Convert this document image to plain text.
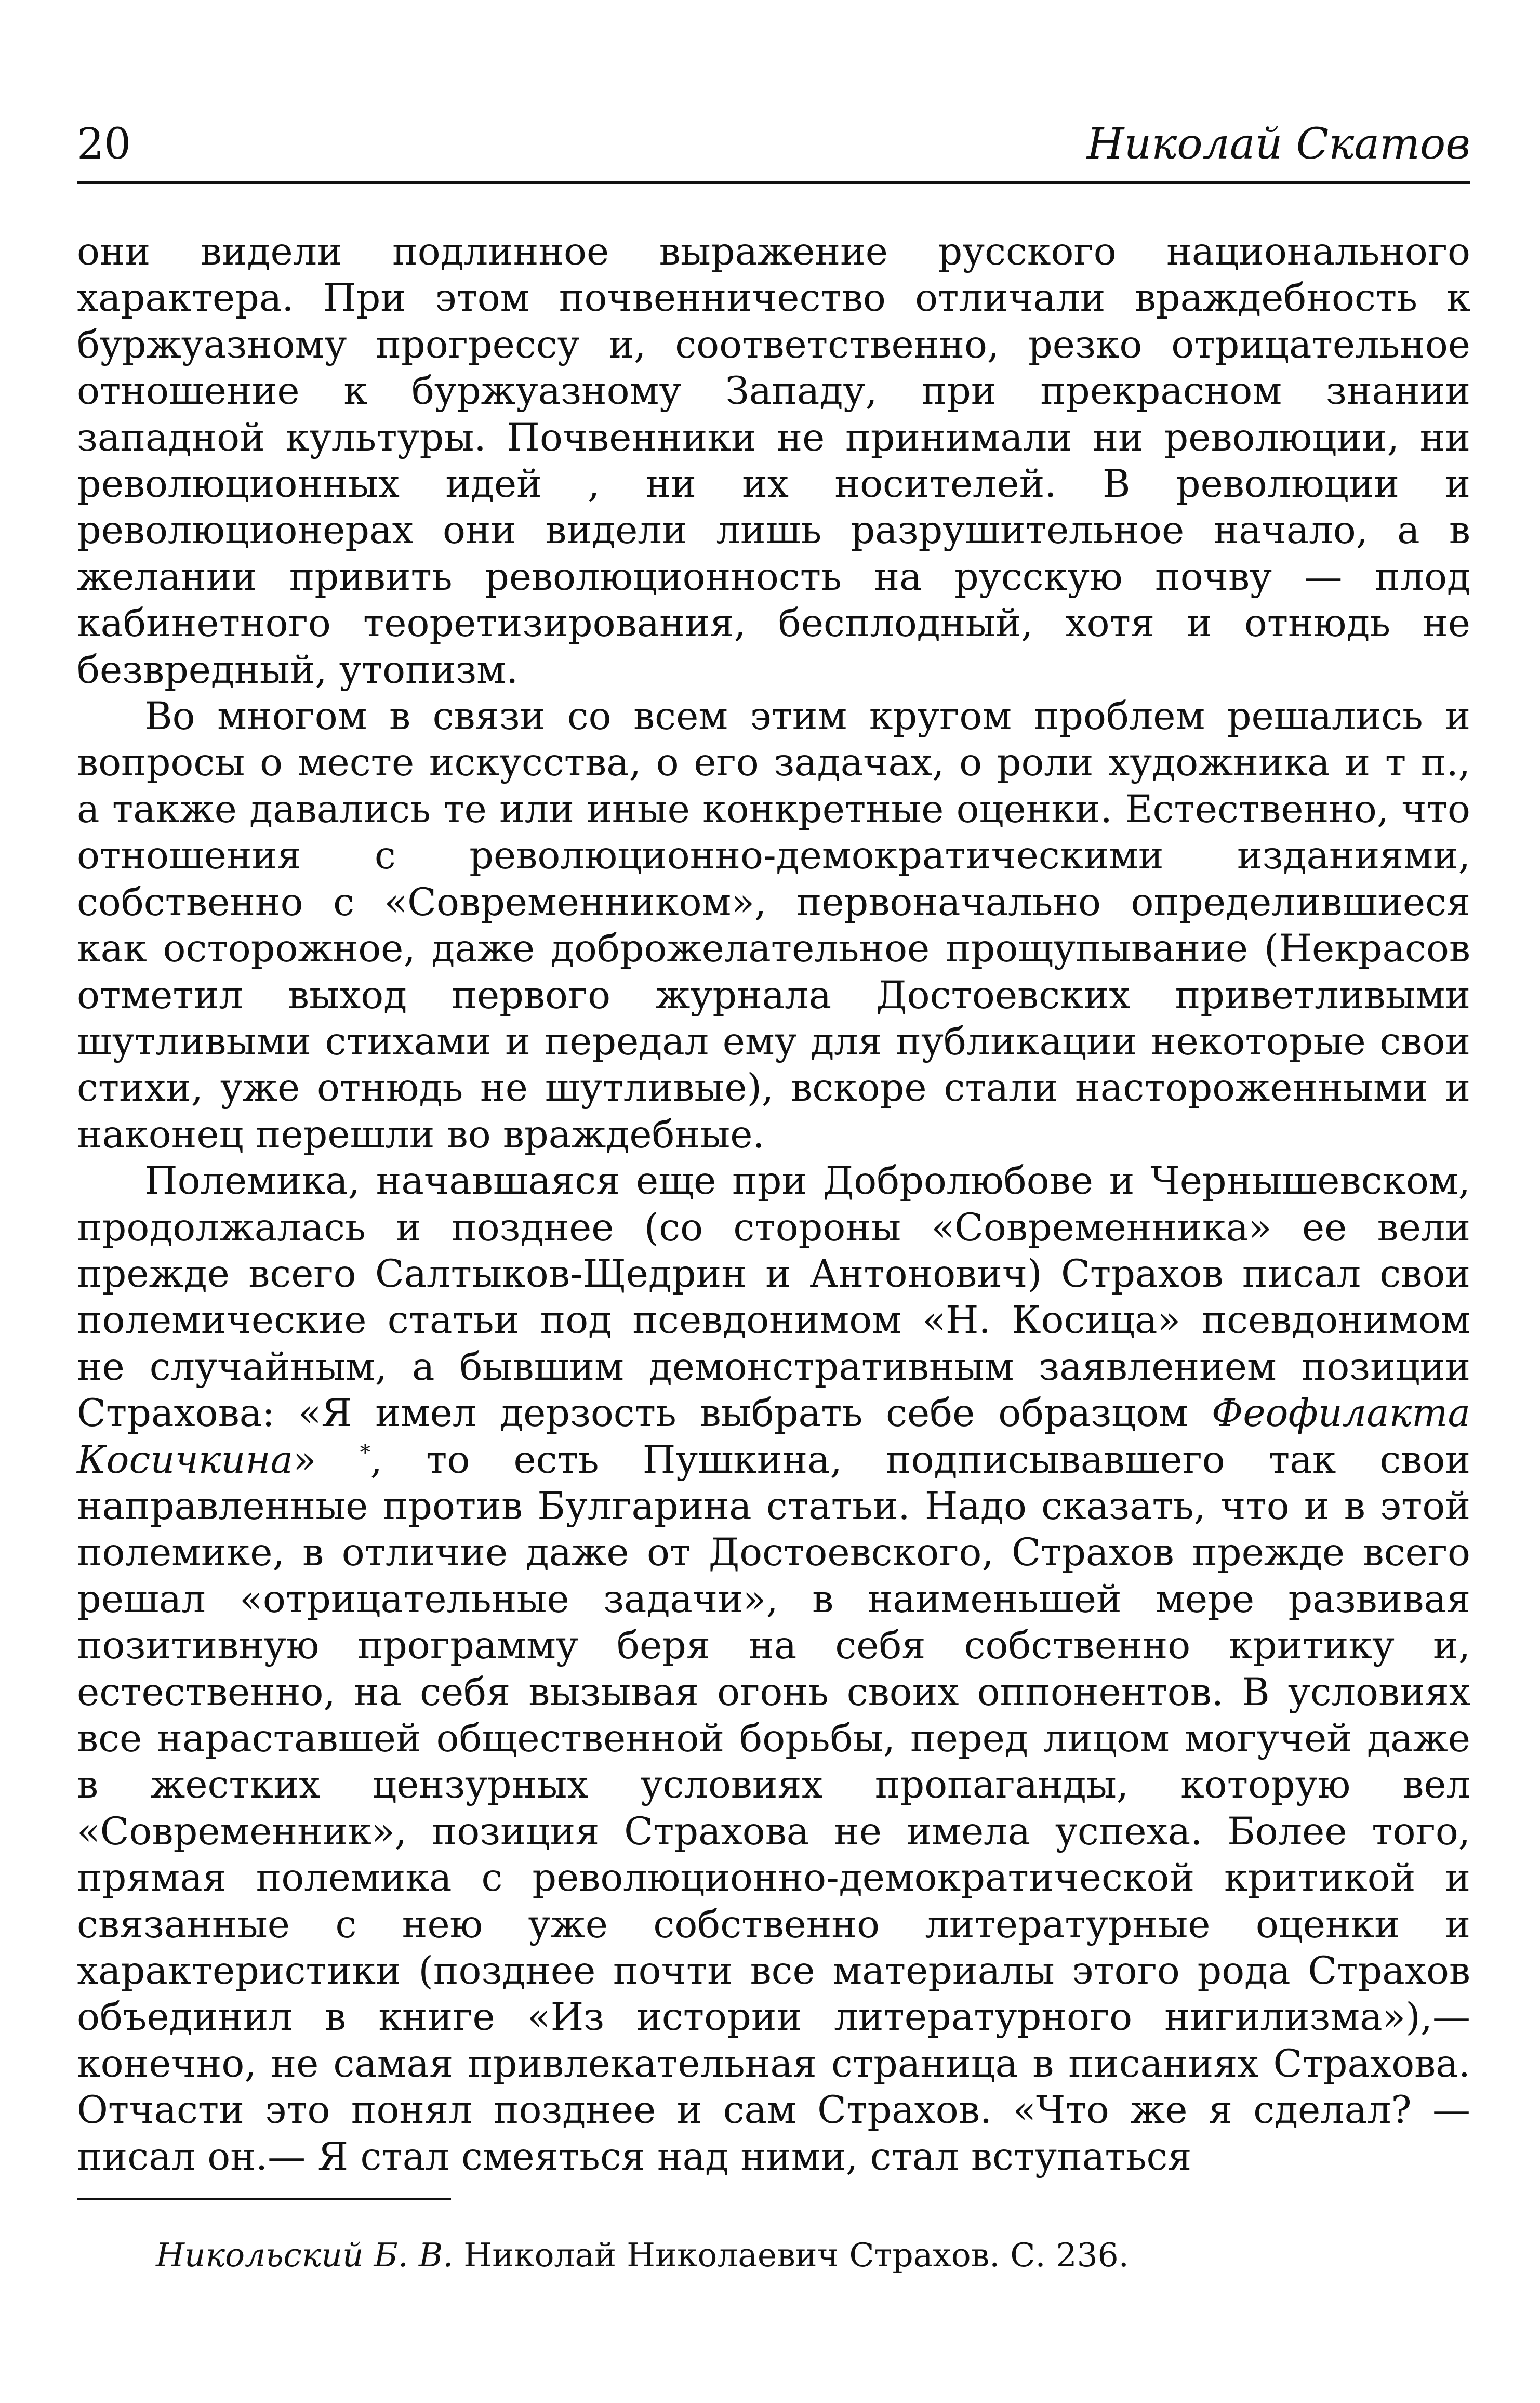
20	Николай Скатов

они видели подлинное выражение русского национального характера. При этом почвенничество отличали враждебность к буржуазному прогрессу и, соответственно, резко отрицательное отношение к буржуазному Западу, при прекрасном знании западной культуры. Почвенники не принимали ни революции, ни революционных идей , ни их носителей. В революции и революционерах они видели лишь разрушительное начало, а в желании привить революционность на русскую почву — плод кабинетного теоретизирования, бесплодный, хотя и отнюдь не безвредный, утопизм.

Во многом в связи со всем этим кругом проблем решались и вопросы о месте искусства, о его задачах, о роли художника и т п., а также давались те или иные конкретные оценки. Естественно, что отношения с революционно-демократическими изданиями, собственно с «Современником», первоначально определившиеся как осторожное, даже доброжелательное прощупывание (Некрасов отметил выход первого журнала Достоевских приветливыми шутливыми стихами и передал ему для публикации некоторые свои стихи, уже отнюдь не шутливые), вскоре стали настороженными и наконец перешли во враждебные.

Полемика, начавшаяся еще при Добролюбове и Чернышевском, продолжалась и позднее (со стороны «Современника» ее вели прежде всего Салтыков-Щедрин и Антонович) Страхов писал свои полемические статьи под псевдонимом «Н. Косица» псевдонимом не случайным, а бывшим демонстративным заявлением позиции Страхова: «Я имел дерзость выбрать себе образцом Феофилакта Косичкина» *, то есть Пушкина, подписывавшего так свои направленные против Булгарина статьи. Надо сказать, что и в этой полемике, в отличие даже от Достоевского, Страхов прежде всего решал «отрицательные задачи», в наименьшей мере развивая позитивную программу беря на себя собственно критику и, естественно, на себя вызывая огонь своих оппонентов. В условиях все нараставшей общественной борьбы, перед лицом могучей даже в жестких цензурных условиях пропаганды, которую вел «Современник», позиция Страхова не имела успеха. Более того, прямая полемика с революционно-демократической критикой и связанные с нею уже собственно литературные оценки и характеристики (позднее почти все материалы этого рода Страхов объединил в книге «Из истории литературного нигилизма»),— конечно, не самая привлекательная страница в писаниях Страхова. Отчасти это понял позднее и сам Страхов. «Что же я сделал? — писал он.— Я стал смеяться над ними, стал вступаться

Никольский Б. В. Николай Николаевич Страхов. С. 236.
